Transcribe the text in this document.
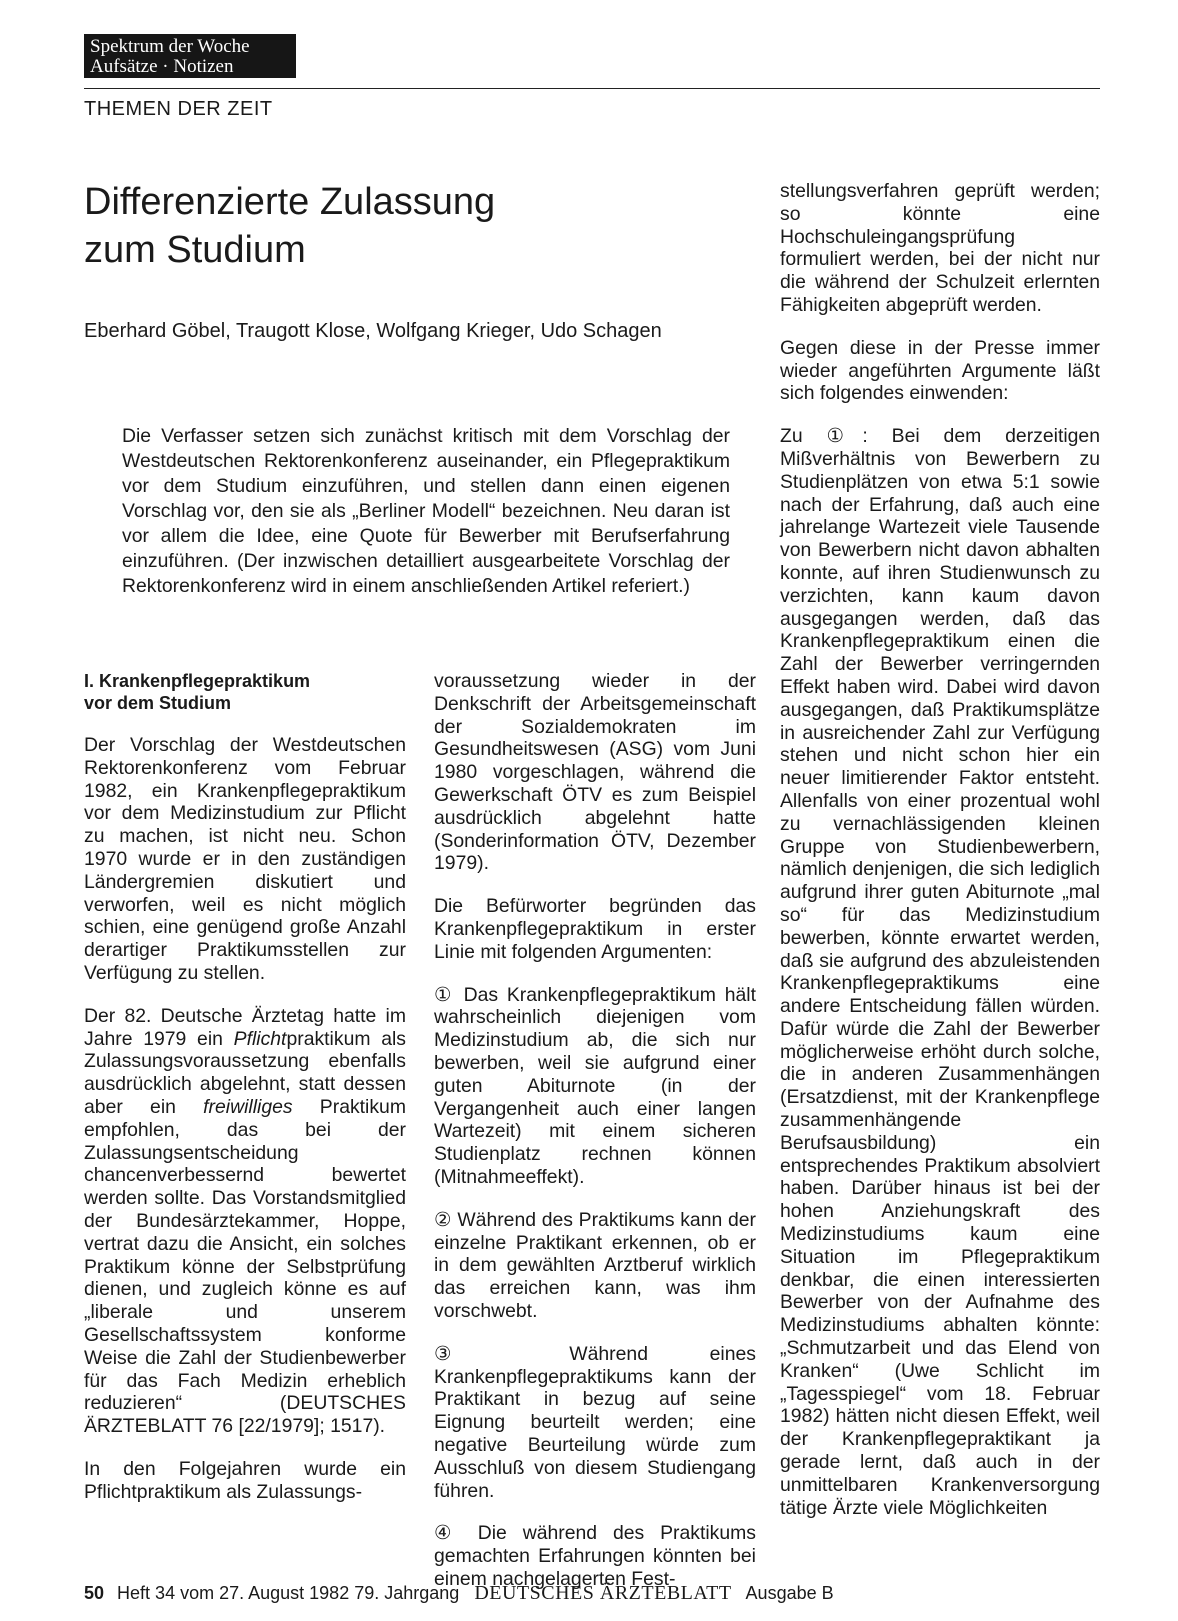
Spektrum der Woche
Aufsätze · Notizen
THEMEN DER ZEIT
Differenzierte Zulassung
zum Studium
Eberhard Göbel, Traugott Klose, Wolfgang Krieger, Udo Schagen
Die Verfasser setzen sich zunächst kritisch mit dem Vorschlag der Westdeutschen Rektorenkonferenz auseinander, ein Pflegepraktikum vor dem Studium einzuführen, und stellen dann einen eigenen Vorschlag vor, den sie als „Berliner Modell“ bezeichnen. Neu daran ist vor allem die Idee, eine Quote für Bewerber mit Berufserfahrung einzuführen. (Der inzwischen detailliert ausgearbeitete Vorschlag der Rektorenkonferenz wird in einem anschließenden Artikel referiert.)
I. Krankenpflegepraktikum
vor dem Studium

Der Vorschlag der Westdeutschen Rektorenkonferenz vom Februar 1982, ein Krankenpflegepraktikum vor dem Medizinstudium zur Pflicht zu machen, ist nicht neu. Schon 1970 wurde er in den zuständigen Ländergremien diskutiert und verworfen, weil es nicht möglich schien, eine genügend große Anzahl derartiger Praktikumsstellen zur Verfügung zu stellen.

Der 82. Deutsche Ärztetag hatte im Jahre 1979 ein Pflichtpraktikum als Zulassungsvoraussetzung ebenfalls ausdrücklich abgelehnt, statt dessen aber ein freiwilliges Praktikum empfohlen, das bei der Zulassungsentscheidung chancenverbessernd bewertet werden sollte. Das Vorstandsmitglied der Bundesärztekammer, Hoppe, vertrat dazu die Ansicht, ein solches Praktikum könne der Selbstprüfung dienen, und zugleich könne es auf „liberale und unserem Gesellschaftssystem konforme Weise die Zahl der Studienbewerber für das Fach Medizin erheblich reduzieren“ (DEUTSCHES ÄRZTEBLATT 76 [22/1979]; 1517).

In den Folgejahren wurde ein Pflichtpraktikum als Zulassungs-

voraussetzung wieder in der Denkschrift der Arbeitsgemeinschaft der Sozialdemokraten im Gesundheitswesen (ASG) vom Juni 1980 vorgeschlagen, während die Gewerkschaft ÖTV es zum Beispiel ausdrücklich abgelehnt hatte (Sonderinformation ÖTV, Dezember 1979).

Die Befürworter begründen das Krankenpflegepraktikum in erster Linie mit folgenden Argumenten:

① Das Krankenpflegepraktikum hält wahrscheinlich diejenigen vom Medizinstudium ab, die sich nur bewerben, weil sie aufgrund einer guten Abiturnote (in der Vergangenheit auch einer langen Wartezeit) mit einem sicheren Studienplatz rechnen können (Mitnahmeeffekt).

② Während des Praktikums kann der einzelne Praktikant erkennen, ob er in dem gewählten Arztberuf wirklich das erreichen kann, was ihm vorschwebt.

③ Während eines Krankenpflegepraktikums kann der Praktikant in bezug auf seine Eignung beurteilt werden; eine negative Beurteilung würde zum Ausschluß von diesem Studiengang führen.

④ Die während des Praktikums gemachten Erfahrungen könnten bei einem nachgelagerten Fest-

stellungsverfahren geprüft werden; so könnte eine Hochschuleingangsprüfung formuliert werden, bei der nicht nur die während der Schulzeit erlernten Fähigkeiten abgeprüft werden.

Gegen diese in der Presse immer wieder angeführten Argumente läßt sich folgendes einwenden:

Zu ①: Bei dem derzeitigen Mißverhältnis von Bewerbern zu Studienplätzen von etwa 5:1 sowie nach der Erfahrung, daß auch eine jahrelange Wartezeit viele Tausende von Bewerbern nicht davon abhalten konnte, auf ihren Studienwunsch zu verzichten, kann kaum davon ausgegangen werden, daß das Krankenpflegepraktikum einen die Zahl der Bewerber verringernden Effekt haben wird. Dabei wird davon ausgegangen, daß Praktikumsplätze in ausreichender Zahl zur Verfügung stehen und nicht schon hier ein neuer limitierender Faktor entsteht. Allenfalls von einer prozentual wohl zu vernachlässigenden kleinen Gruppe von Studienbewerbern, nämlich denjenigen, die sich lediglich aufgrund ihrer guten Abiturnote „mal so“ für das Medizinstudium bewerben, könnte erwartet werden, daß sie aufgrund des abzuleistenden Krankenpflegepraktikums eine andere Entscheidung fällen würden. Dafür würde die Zahl der Bewerber möglicherweise erhöht durch solche, die in anderen Zusammenhängen (Ersatzdienst, mit der Krankenpflege zusammenhängende Berufsausbildung) ein entsprechendes Praktikum absolviert haben. Darüber hinaus ist bei der hohen Anziehungskraft des Medizinstudiums kaum eine Situation im Pflegepraktikum denkbar, die einen interessierten Bewerber von der Aufnahme des Medizinstudiums abhalten könnte: „Schmutzarbeit und das Elend von Kranken“ (Uwe Schlicht im „Tagesspiegel“ vom 18. Februar 1982) hätten nicht diesen Effekt, weil der Krankenpflegepraktikant ja gerade lernt, daß auch in der unmittelbaren Krankenversorgung tätige Ärzte viele Möglichkeiten

50 Heft 34 vom 27. August 1982 79. Jahrgang DEUTSCHES ÄRZTEBLATT Ausgabe B
